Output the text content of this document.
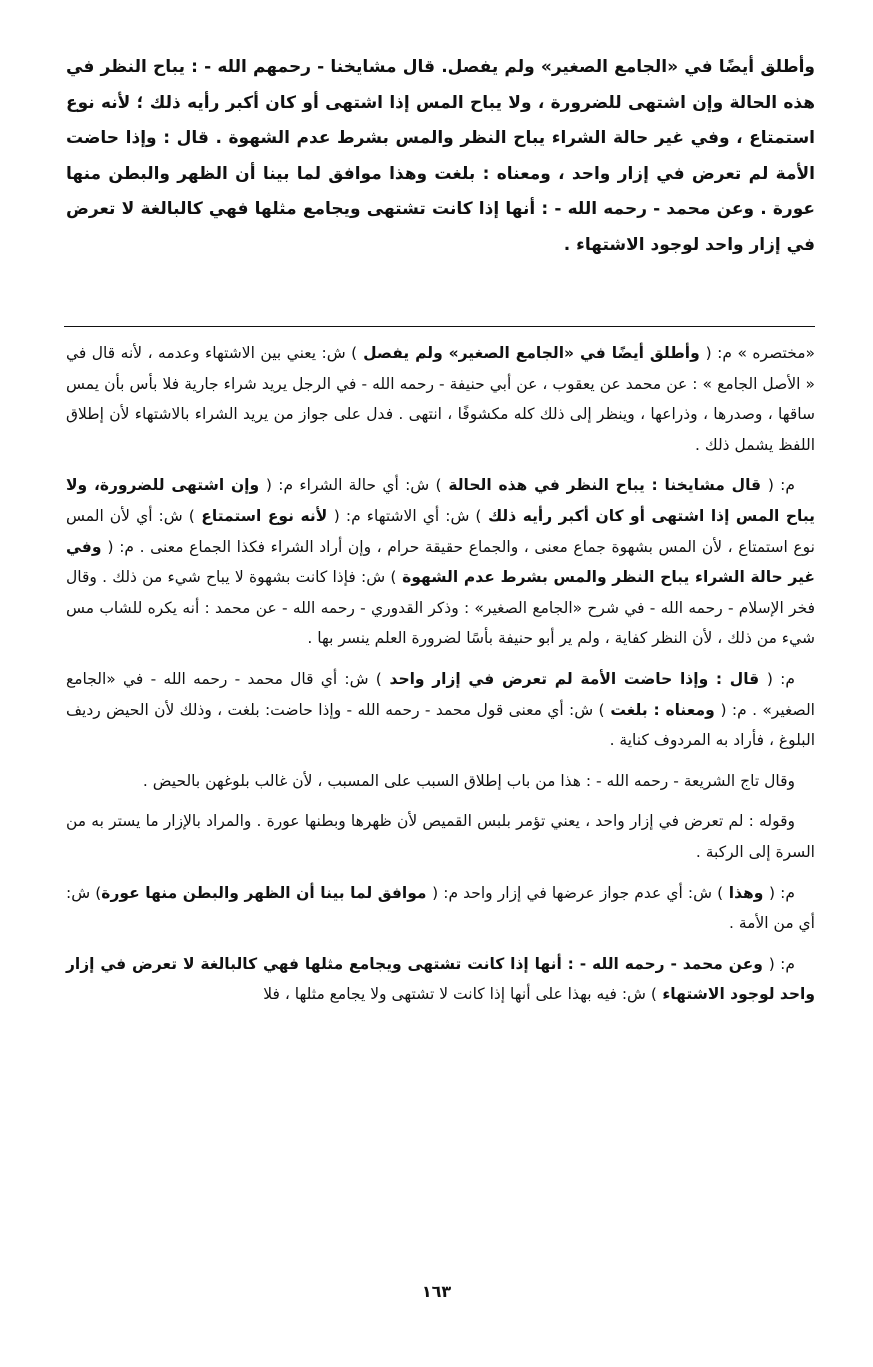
وأطلق أيضًا في «الجامع الصغير» ولم يفصل. قال مشايخنا - رحمهم الله - : يباح النظر في هذه الحالة وإن اشتهى للضرورة ، ولا يباح المس إذا اشتهى أو كان أكبر رأيه ذلك ؛ لأنه نوع استمتاع ، وفي غير حالة الشراء يباح النظر والمس بشرط عدم الشهوة . قال : وإذا حاضت الأمة لم تعرض في إزار واحد ، ومعناه : بلغت وهذا موافق لما بينا أن الظهر والبطن منها عورة . وعن محمد - رحمه الله - : أنها إذا كانت تشتهى ويجامع مثلها فهي كالبالغة لا تعرض في إزار واحد لوجود الاشتهاء .

«مختصره » م: ( وأطلق أيضًا في «الجامع الصغير» ولم يفصل ) ش: يعني بين الاشتهاء وعدمه ، لأنه قال في « الأصل الجامع » : عن محمد عن يعقوب ، عن أبي حنيفة - رحمه الله - في الرجل يريد شراء جارية فلا بأس بأن يمس ساقها ، وصدرها ، وذراعها ، وينظر إلى ذلك كله مكشوفًا ، انتهى . فدل على جواز من يريد الشراء بالاشتهاء لأن إطلاق اللفظ يشمل ذلك .

م: ( قال مشايخنا : يباح النظر في هذه الحالة ) ش: أي حالة الشراء م: ( وإن اشتهى للضرورة، ولا يباح المس إذا اشتهى أو كان أكبر رأيه ذلك ) ش: أي الاشتهاء م: ( لأنه نوع استمتاع ) ش: أي لأن المس نوع استمتاع ، لأن المس بشهوة جماع معنى ، والجماع حقيقة حرام ، وإن أراد الشراء فكذا الجماع معنى . م: ( وفي غير حالة الشراء يباح النظر والمس بشرط عدم الشهوة ) ش: فإذا كانت بشهوة لا يباح شيء من ذلك . وقال فخر الإسلام - رحمه الله - في شرح «الجامع الصغير» : وذكر القدوري - رحمه الله - عن محمد : أنه يكره للشاب مس شيء من ذلك ، لأن النظر كفاية ، ولم ير أبو حنيفة بأسًا لضرورة العلم ينسر بها .

م: ( قال : وإذا حاضت الأمة لم تعرض في إزار واحد ) ش: أي قال محمد - رحمه الله - في «الجامع الصغير» . م: ( ومعناه : بلغت ) ش: أي معنى قول محمد - رحمه الله - وإذا حاضت: بلغت ، وذلك لأن الحيض رديف البلوغ ، فأراد به المردوف كناية .

وقال تاج الشريعة - رحمه الله - : هذا من باب إطلاق السبب على المسبب ، لأن غالب بلوغهن بالحيض .

وقوله : لم تعرض في إزار واحد ، يعني تؤمر بلبس القميص لأن ظهرها وبطنها عورة . والمراد بالإزار ما يستر به من السرة إلى الركبة .

م: ( وهذا ) ش: أي عدم جواز عرضها في إزار واحد م: ( موافق لما بينا أن الظهر والبطن منها عورة) ش: أي من الأمة .

م: ( وعن محمد - رحمه الله - : أنها إذا كانت تشتهى ويجامع مثلها فهي كالبالغة لا تعرض في إزار واحد لوجود الاشتهاء ) ش: فيه بهذا على أنها إذا كانت لا تشتهى ولا يجامع مثلها ، فلا

١٦٣
